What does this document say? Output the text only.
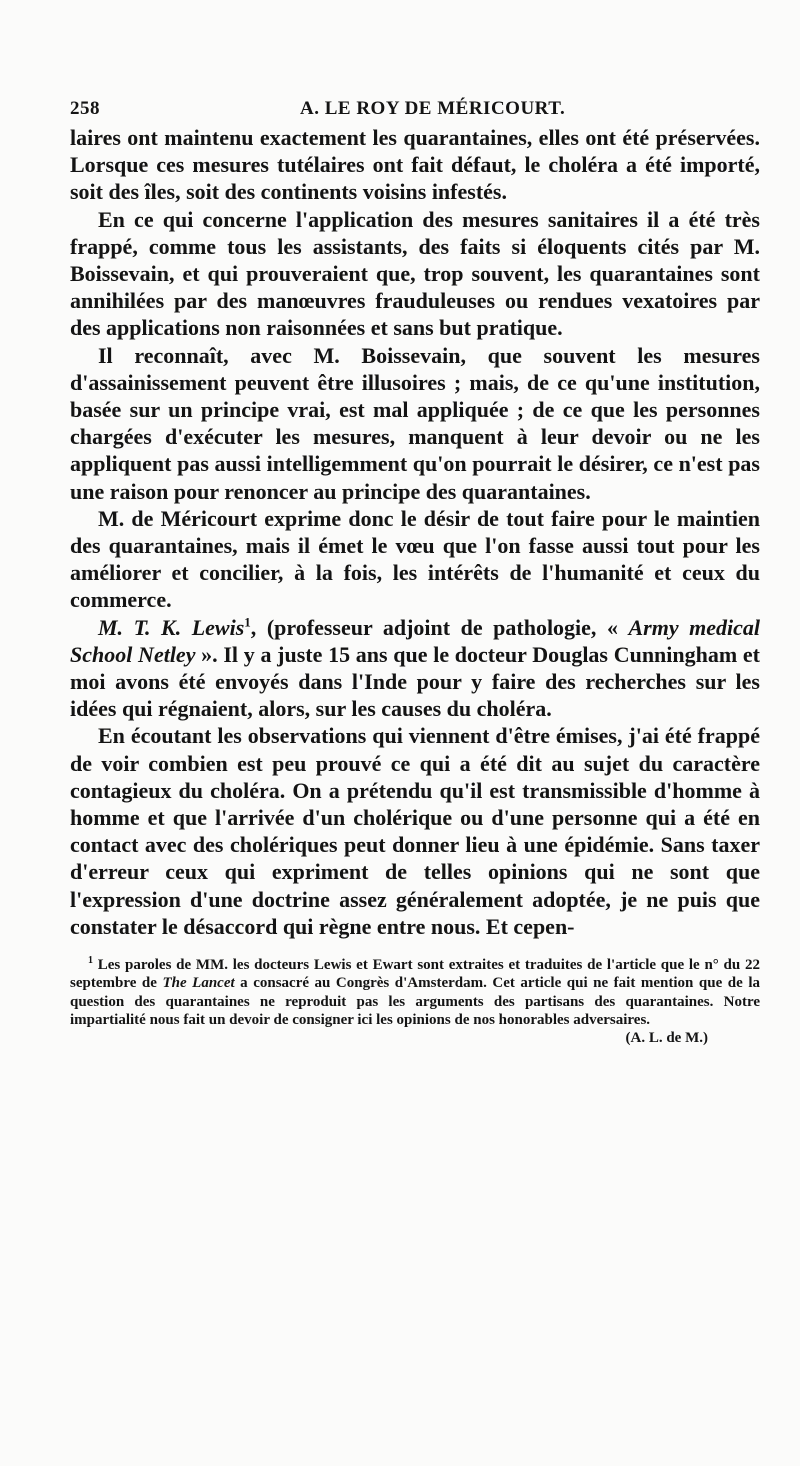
258	A. LE ROY DE MÉRICOURT.

laires ont maintenu exactement les quarantaines, elles ont été préservées. Lorsque ces mesures tutélaires ont fait défaut, le choléra a été importé, soit des îles, soit des continents voisins infestés.

En ce qui concerne l'application des mesures sanitaires il a été très frappé, comme tous les assistants, des faits si éloquents cités par M. Boissevain, et qui prouveraient que, trop souvent, les quarantaines sont annihilées par des manœuvres frauduleuses ou rendues vexatoires par des applications non raisonnées et sans but pratique.

Il reconnaît, avec M. Boissevain, que souvent les mesures d'assainissement peuvent être illusoires ; mais, de ce qu'une institution, basée sur un principe vrai, est mal appliquée ; de ce que les personnes chargées d'exécuter les mesures, manquent à leur devoir ou ne les appliquent pas aussi intelligemment qu'on pourrait le désirer, ce n'est pas une raison pour renoncer au principe des quarantaines.

M. de Méricourt exprime donc le désir de tout faire pour le maintien des quarantaines, mais il émet le vœu que l'on fasse aussi tout pour les améliorer et concilier, à la fois, les intérêts de l'humanité et ceux du commerce.

M. T. K. Lewis$^1$, (professeur adjoint de pathologie, « Army medical School Netley ». Il y a juste 15 ans que le docteur Douglas Cunningham et moi avons été envoyés dans l'Inde pour y faire des recherches sur les idées qui régnaient, alors, sur les causes du choléra.

En écoutant les observations qui viennent d'être émises, j'ai été frappé de voir combien est peu prouvé ce qui a été dit au sujet du caractère contagieux du choléra. On a prétendu qu'il est transmissible d'homme à homme et que l'arrivée d'un cholérique ou d'une personne qui a été en contact avec des cholériques peut donner lieu à une épidémie. Sans taxer d'erreur ceux qui expriment de telles opinions qui ne sont que l'expression d'une doctrine assez généralement adoptée, je ne puis que constater le désaccord qui règne entre nous. Et cepen-

$^1$ Les paroles de MM. les docteurs Lewis et Ewart sont extraites et traduites de l'article que le n° du 22 septembre de The Lancet a consacré au Congrès d'Amsterdam. Cet article qui ne fait mention que de la question des quarantaines ne reproduit pas les arguments des partisans des quarantaines. Notre impartialité nous fait un devoir de consigner ici les opinions de nos honorables adversaires.

(A. L. de M.)
